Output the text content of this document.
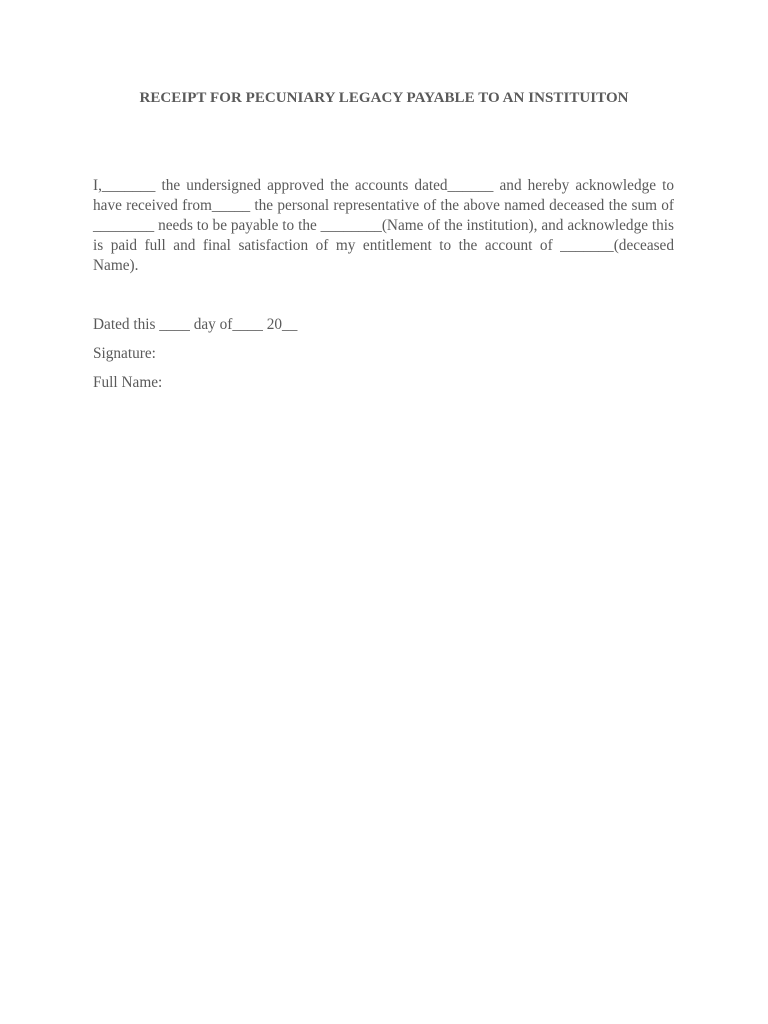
RECEIPT FOR PECUNIARY LEGACY PAYABLE TO AN INSTITUITON

I,_______ the undersigned approved the accounts dated______ and hereby acknowledge to have received from_____ the personal representative of the above named deceased the sum of ________ needs to be payable to the ________(Name of the institution), and acknowledge this is paid full and final satisfaction of my entitlement to the account of _______(deceased Name).

Dated this ____ day of____ 20__

Signature:

Full Name:
